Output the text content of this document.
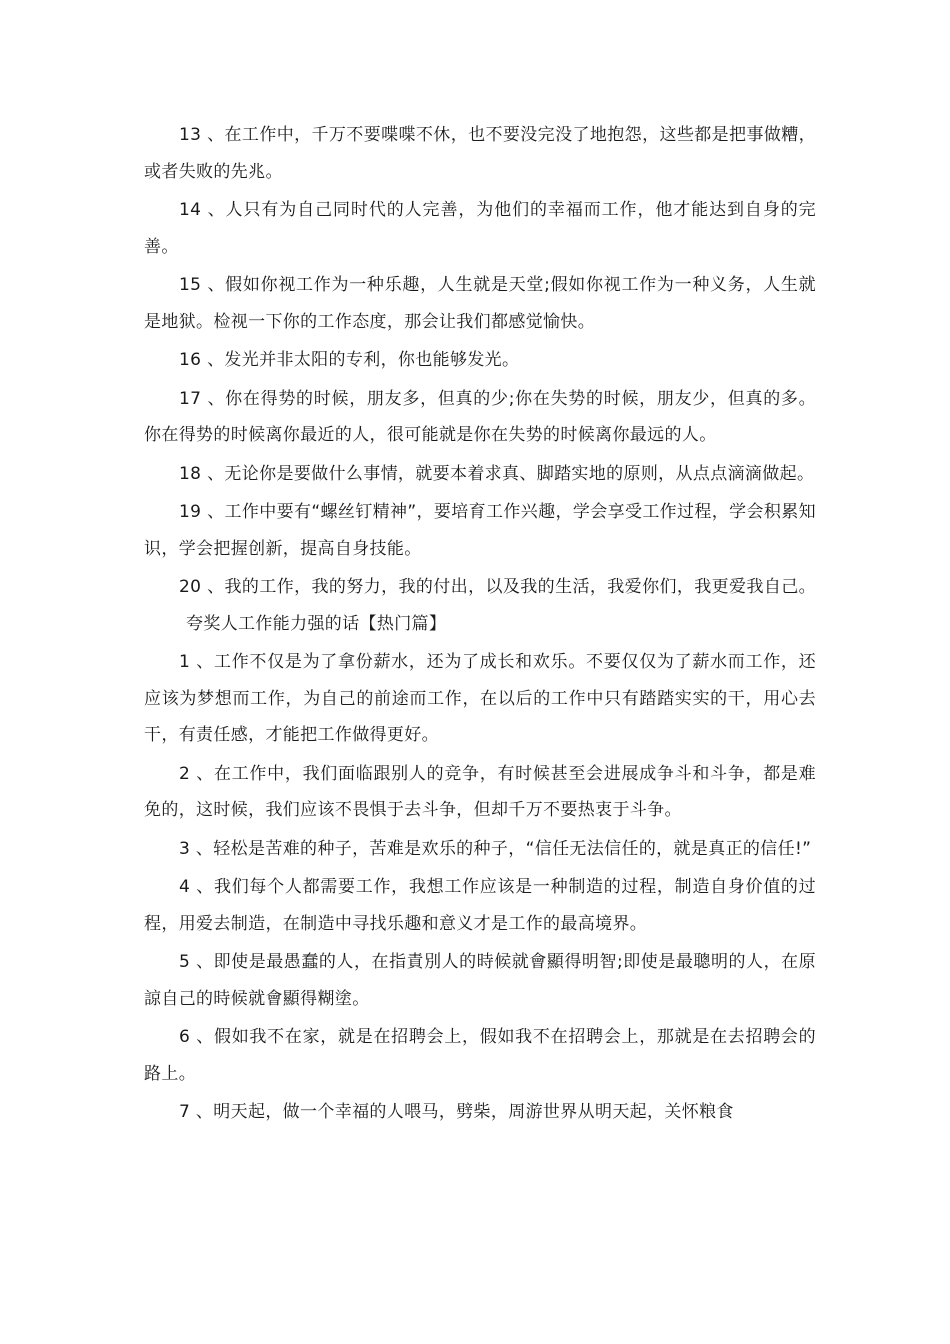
13 、在工作中，千万不要喋喋不休，也不要没完没了地抱怨，这些都是把事做糟，或者失败的先兆。

14 、人只有为自己同时代的人完善，为他们的幸福而工作，他才能达到自身的完善。

15 、假如你视工作为一种乐趣，人生就是天堂;假如你视工作为一种义务，人生就是地狱。检视一下你的工作态度，那会让我们都感觉愉快。

16 、发光并非太阳的专利，你也能够发光。

17 、你在得势的时候，朋友多，但真的少;你在失势的时候，朋友少，但真的多。你在得势的时候离你最近的人，很可能就是你在失势的时候离你最远的人。

18 、无论你是要做什么事情，就要本着求真、脚踏实地的原则，从点点滴滴做起。

19 、工作中要有“螺丝钉精神”，要培育工作兴趣，学会享受工作过程，学会积累知识，学会把握创新，提高自身技能。

20 、我的工作，我的努力，我的付出，以及我的生活，我爱你们，我更爱我自己。夸奖人工作能力强的话【热门篇】

1 、工作不仅是为了拿份薪水，还为了成长和欢乐。不要仅仅为了薪水而工作，还应该为梦想而工作，为自己的前途而工作，在以后的工作中只有踏踏实实的干，用心去干，有责任感，才能把工作做得更好。

2 、在工作中，我们面临跟别人的竞争，有时候甚至会进展成争斗和斗争，都是难免的，这时候，我们应该不畏惧于去斗争，但却千万不要热衷于斗争。

3 、轻松是苦难的种子，苦难是欢乐的种子，“信任无法信任的，就是真正的信任!”

4 、我们每个人都需要工作，我想工作应该是一种制造的过程，制造自身价值的过程，用爱去制造，在制造中寻找乐趣和意义才是工作的最高境界。

5 、即使是最愚蠢的人，在指責別人的時候就會顯得明智;即使是最聰明的人，在原諒自己的時候就會顯得糊塗。

6 、假如我不在家，就是在招聘会上，假如我不在招聘会上，那就是在去招聘会的路上。

7 、明天起，做一个幸福的人喂马，劈柴，周游世界从明天起，关怀粮食
